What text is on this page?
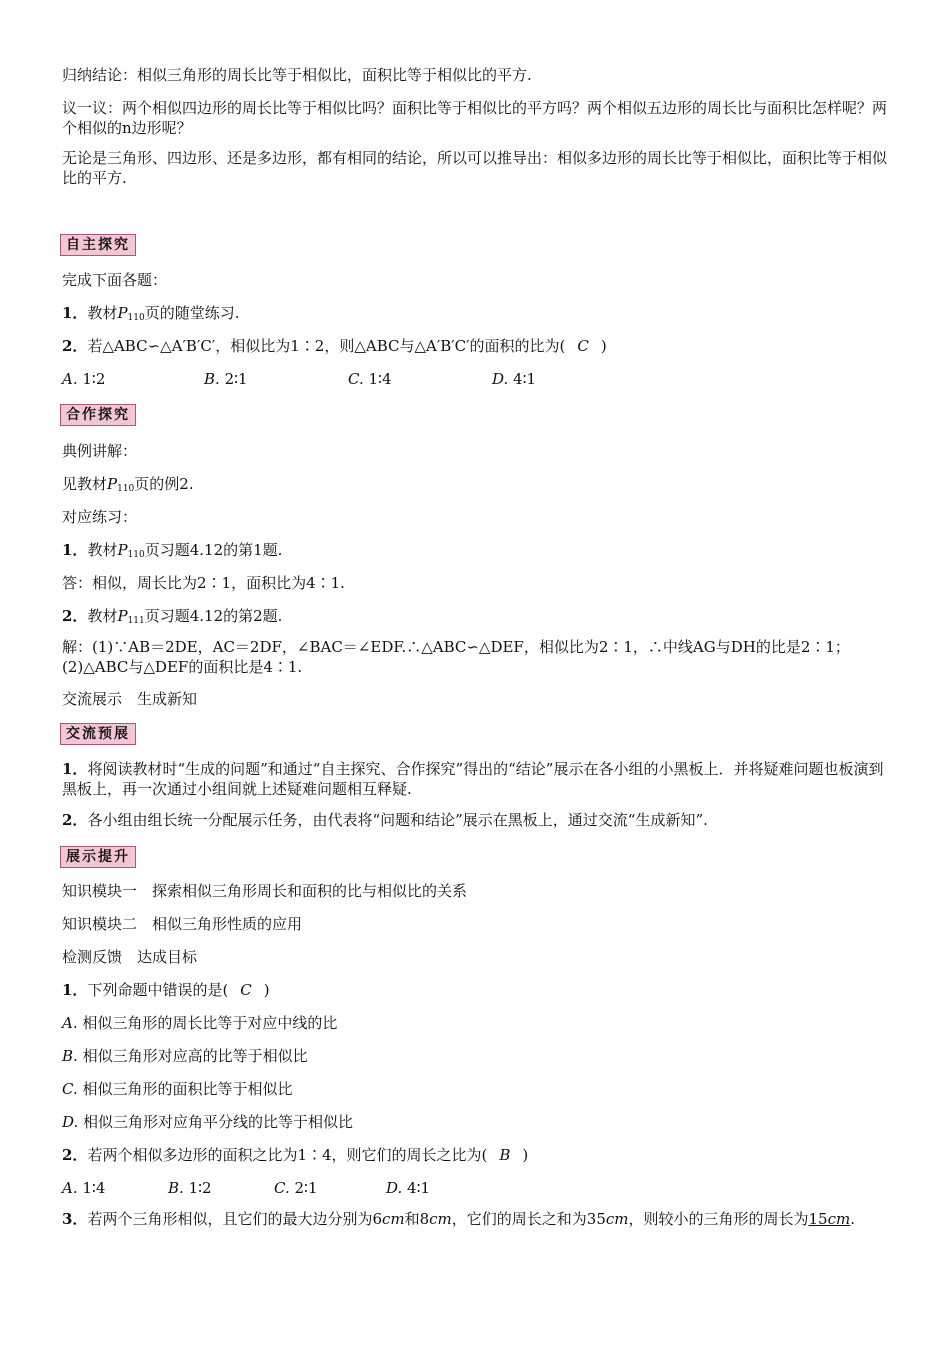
归纳结论：相似三角形的周长比等于相似比，面积比等于相似比的平方.
议一议：两个相似四边形的周长比等于相似比吗？面积比等于相似比的平方吗？两个相似五边形的周长比与面积比怎样呢？两个相似的n边形呢？
无论是三角形、四边形、还是多边形，都有相同的结论，所以可以推导出：相似多边形的周长比等于相似比，面积比等于相似比的平方.
自主探究
完成下面各题：
1．教材$P_{110}$页的随堂练习.
2．若△ABC∽△A′B′C′，相似比为1∶2，则△ABC与△A′B′C′的面积的比为( C )
A. 1∶2	B. 2∶1	C. 1∶4	D. 4∶1
合作探究
典例讲解：
见教材$P_{110}$页的例2.
对应练习：
1．教材$P_{110}$页习题4.12的第1题.
答：相似，周长比为2∶1，面积比为4∶1.
2．教材$P_{111}$页习题4.12的第2题.
解：(1)∵AB＝2DE，AC＝2DF，∠BAC＝∠EDF.∴△ABC∽△DEF，相似比为2∶1，∴中线AG与DH的比是2∶1；(2)△ABC与△DEF的面积比是4∶1.
交流展示　生成新知
交流预展
1．将阅读教材时“生成的问题”和通过“自主探究、合作探究”得出的“结论”展示在各小组的小黑板上．并将疑难问题也板演到黑板上，再一次通过小组间就上述疑难问题相互释疑.
2．各小组由组长统一分配展示任务，由代表将“问题和结论”展示在黑板上，通过交流“生成新知”.
展示提升
知识模块一　探索相似三角形周长和面积的比与相似比的关系
知识模块二　相似三角形性质的应用
检测反馈　达成目标
1．下列命题中错误的是( C )
A. 相似三角形的周长比等于对应中线的比
B. 相似三角形对应高的比等于相似比
C. 相似三角形的面积比等于相似比
D. 相似三角形对应角平分线的比等于相似比
2．若两个相似多边形的面积之比为1∶4，则它们的周长之比为( B )
A. 1∶4	B. 1∶2	C. 2∶1	D. 4∶1
3．若两个三角形相似，且它们的最大边分别为6cm和8cm，它们的周长之和为35cm，则较小的三角形的周长为15cm.
